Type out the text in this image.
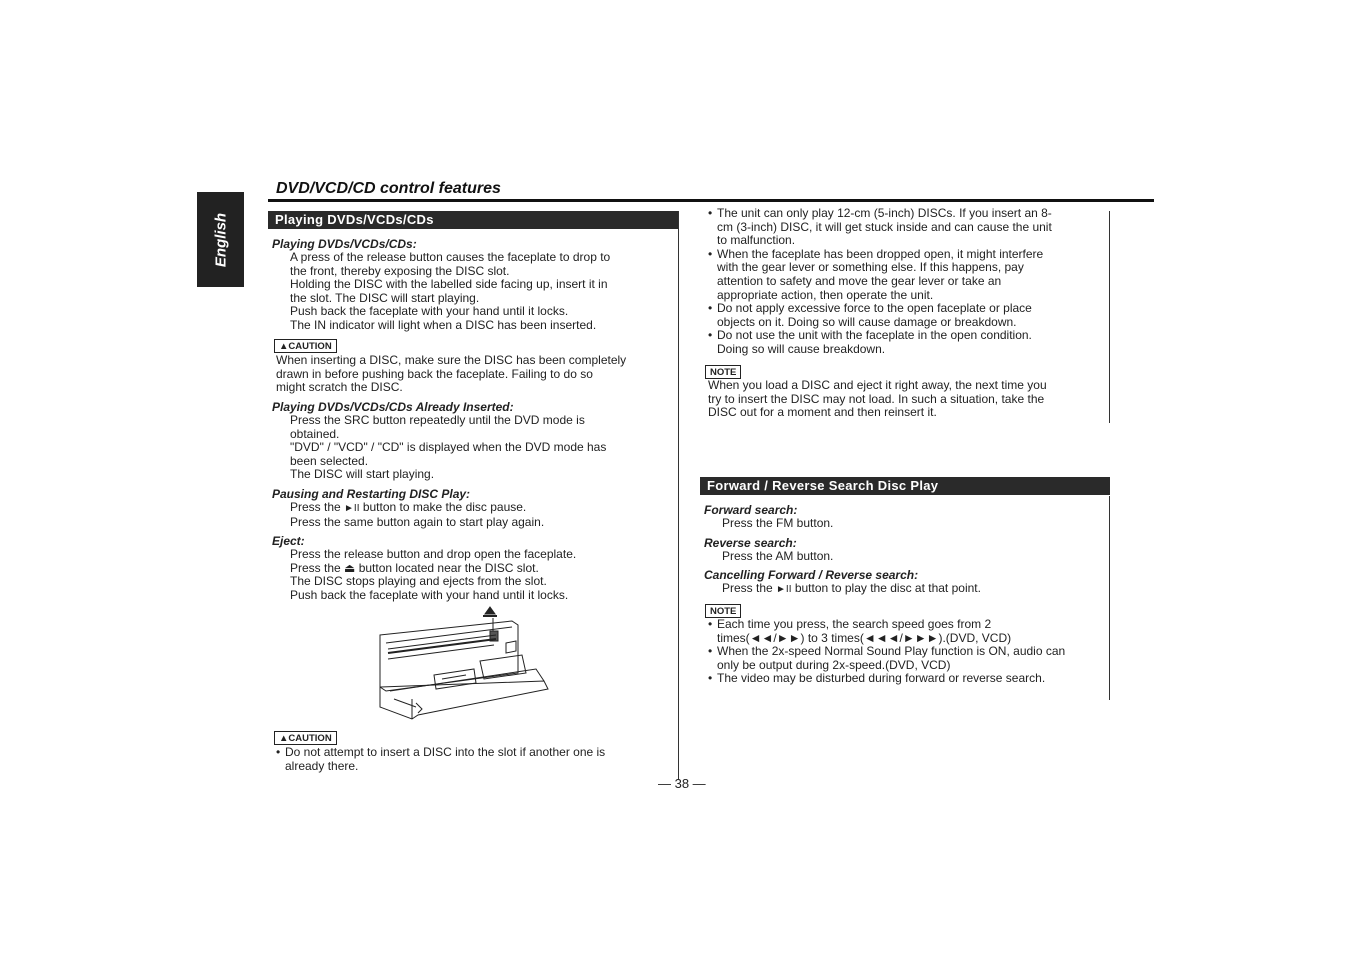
English
DVD/VCD/CD control features
Playing DVDs/VCDs/CDs
Playing DVDs/VCDs/CDs:

A press of the release button causes the faceplate to drop to

the front, thereby exposing the DISC slot.

Holding the DISC with the labelled side facing up, insert it in

the slot. The DISC will start playing.

Push back the faceplate with your hand until it locks.

The IN indicator will light when a DISC has been inserted.

▲CAUTION

When inserting a DISC, make sure the DISC has been completely

drawn in before pushing back the faceplate. Failing to do so

might scratch the DISC.

Playing DVDs/VCDs/CDs Already Inserted:

Press the SRC button repeatedly until the DVD mode is

obtained.

"DVD" / "VCD" / "CD" is displayed when the DVD mode has

been selected.

The DISC will start playing.

Pausing and Restarting DISC Play:

Press the ►II button to make the disc pause.

Press the same button again to start play again.

Eject:

Press the release button and drop open the faceplate.

Press the ⏏ button located near the DISC slot.

The DISC stops playing and ejects from the slot.

Push back the faceplate with your hand until it locks.

▲CAUTION
• Do not attempt to insert a DISC into the slot if another one is
already there.
• The unit can only play 12-cm (5-inch) DISCs. If you insert an 8-
cm (3-inch) DISC, it will get stuck inside and can cause the unit
to malfunction.
• When the faceplate has been dropped open, it might interfere
with the gear lever or something else. If this happens, pay
attention to safety and move the gear lever or take an
appropriate action, then operate the unit.
• Do not apply excessive force to the open faceplate or place
objects on it. Doing so will cause damage or breakdown.
• Do not use the unit with the faceplate in the open condition.
Doing so will cause breakdown.
NOTE

When you load a DISC and eject it right away, the next time you

try to insert the DISC may not load. In such a situation, take the

DISC out for a moment and then reinsert it.

Forward / Reverse Search Disc Play
Forward search:

Press the FM button.

Reverse search:

Press the AM button.

Cancelling Forward / Reverse search:

Press the ►II button to play the disc at that point.

NOTE
• Each time you press, the search speed goes from 2
times(◄◄/►►) to 3 times(◄◄◄/►►►).(DVD, VCD)
• When the 2x-speed Normal Sound Play function is ON, audio can
only be output during 2x-speed.(DVD, VCD)
• The video may be disturbed during forward or reverse search.
— 38 —
